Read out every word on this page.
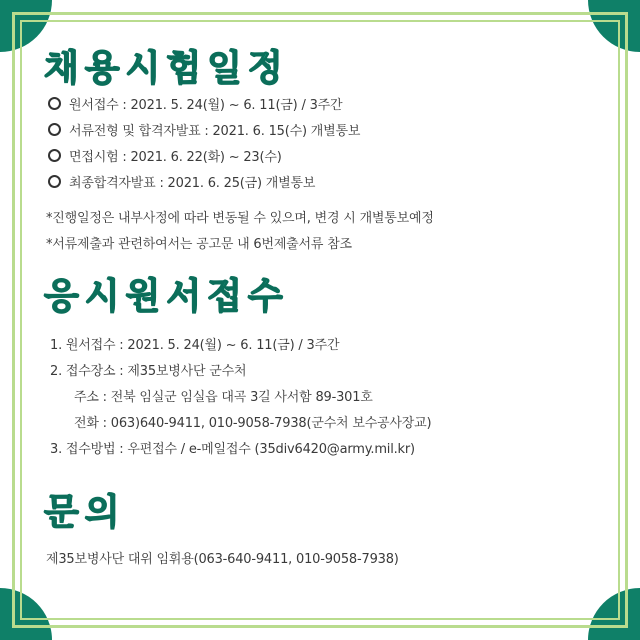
채용시험일정
원서접수 : 2021. 5. 24(월) ~ 6. 11(금) / 3주간
서류전형 및 합격자발표 : 2021. 6. 15(수) 개별통보
면접시험 : 2021. 6. 22(화) ~ 23(수)
최종합격자발표 : 2021. 6. 25(금) 개별통보
*진행일정은 내부사정에 따라 변동될 수 있으며, 변경 시 개별통보예정
*서류제출과 관련하여서는 공고문 내 6번제출서류 참조
응시원서접수
1. 원서접수 : 2021. 5. 24(월) ~ 6. 11(금) / 3주간
2. 접수장소 : 제35보병사단 군수처
주소 : 전북 임실군 임실읍 대곡 3길 사서함 89-301호
전화 : 063)640-9411, 010-9058-7938(군수처 보수공사장교)
3. 접수방법 : 우편접수 / e-메일접수 (35div6420@army.mil.kr)
문의
제35보병사단 대위 임휘용(063-640-9411, 010-9058-7938)
